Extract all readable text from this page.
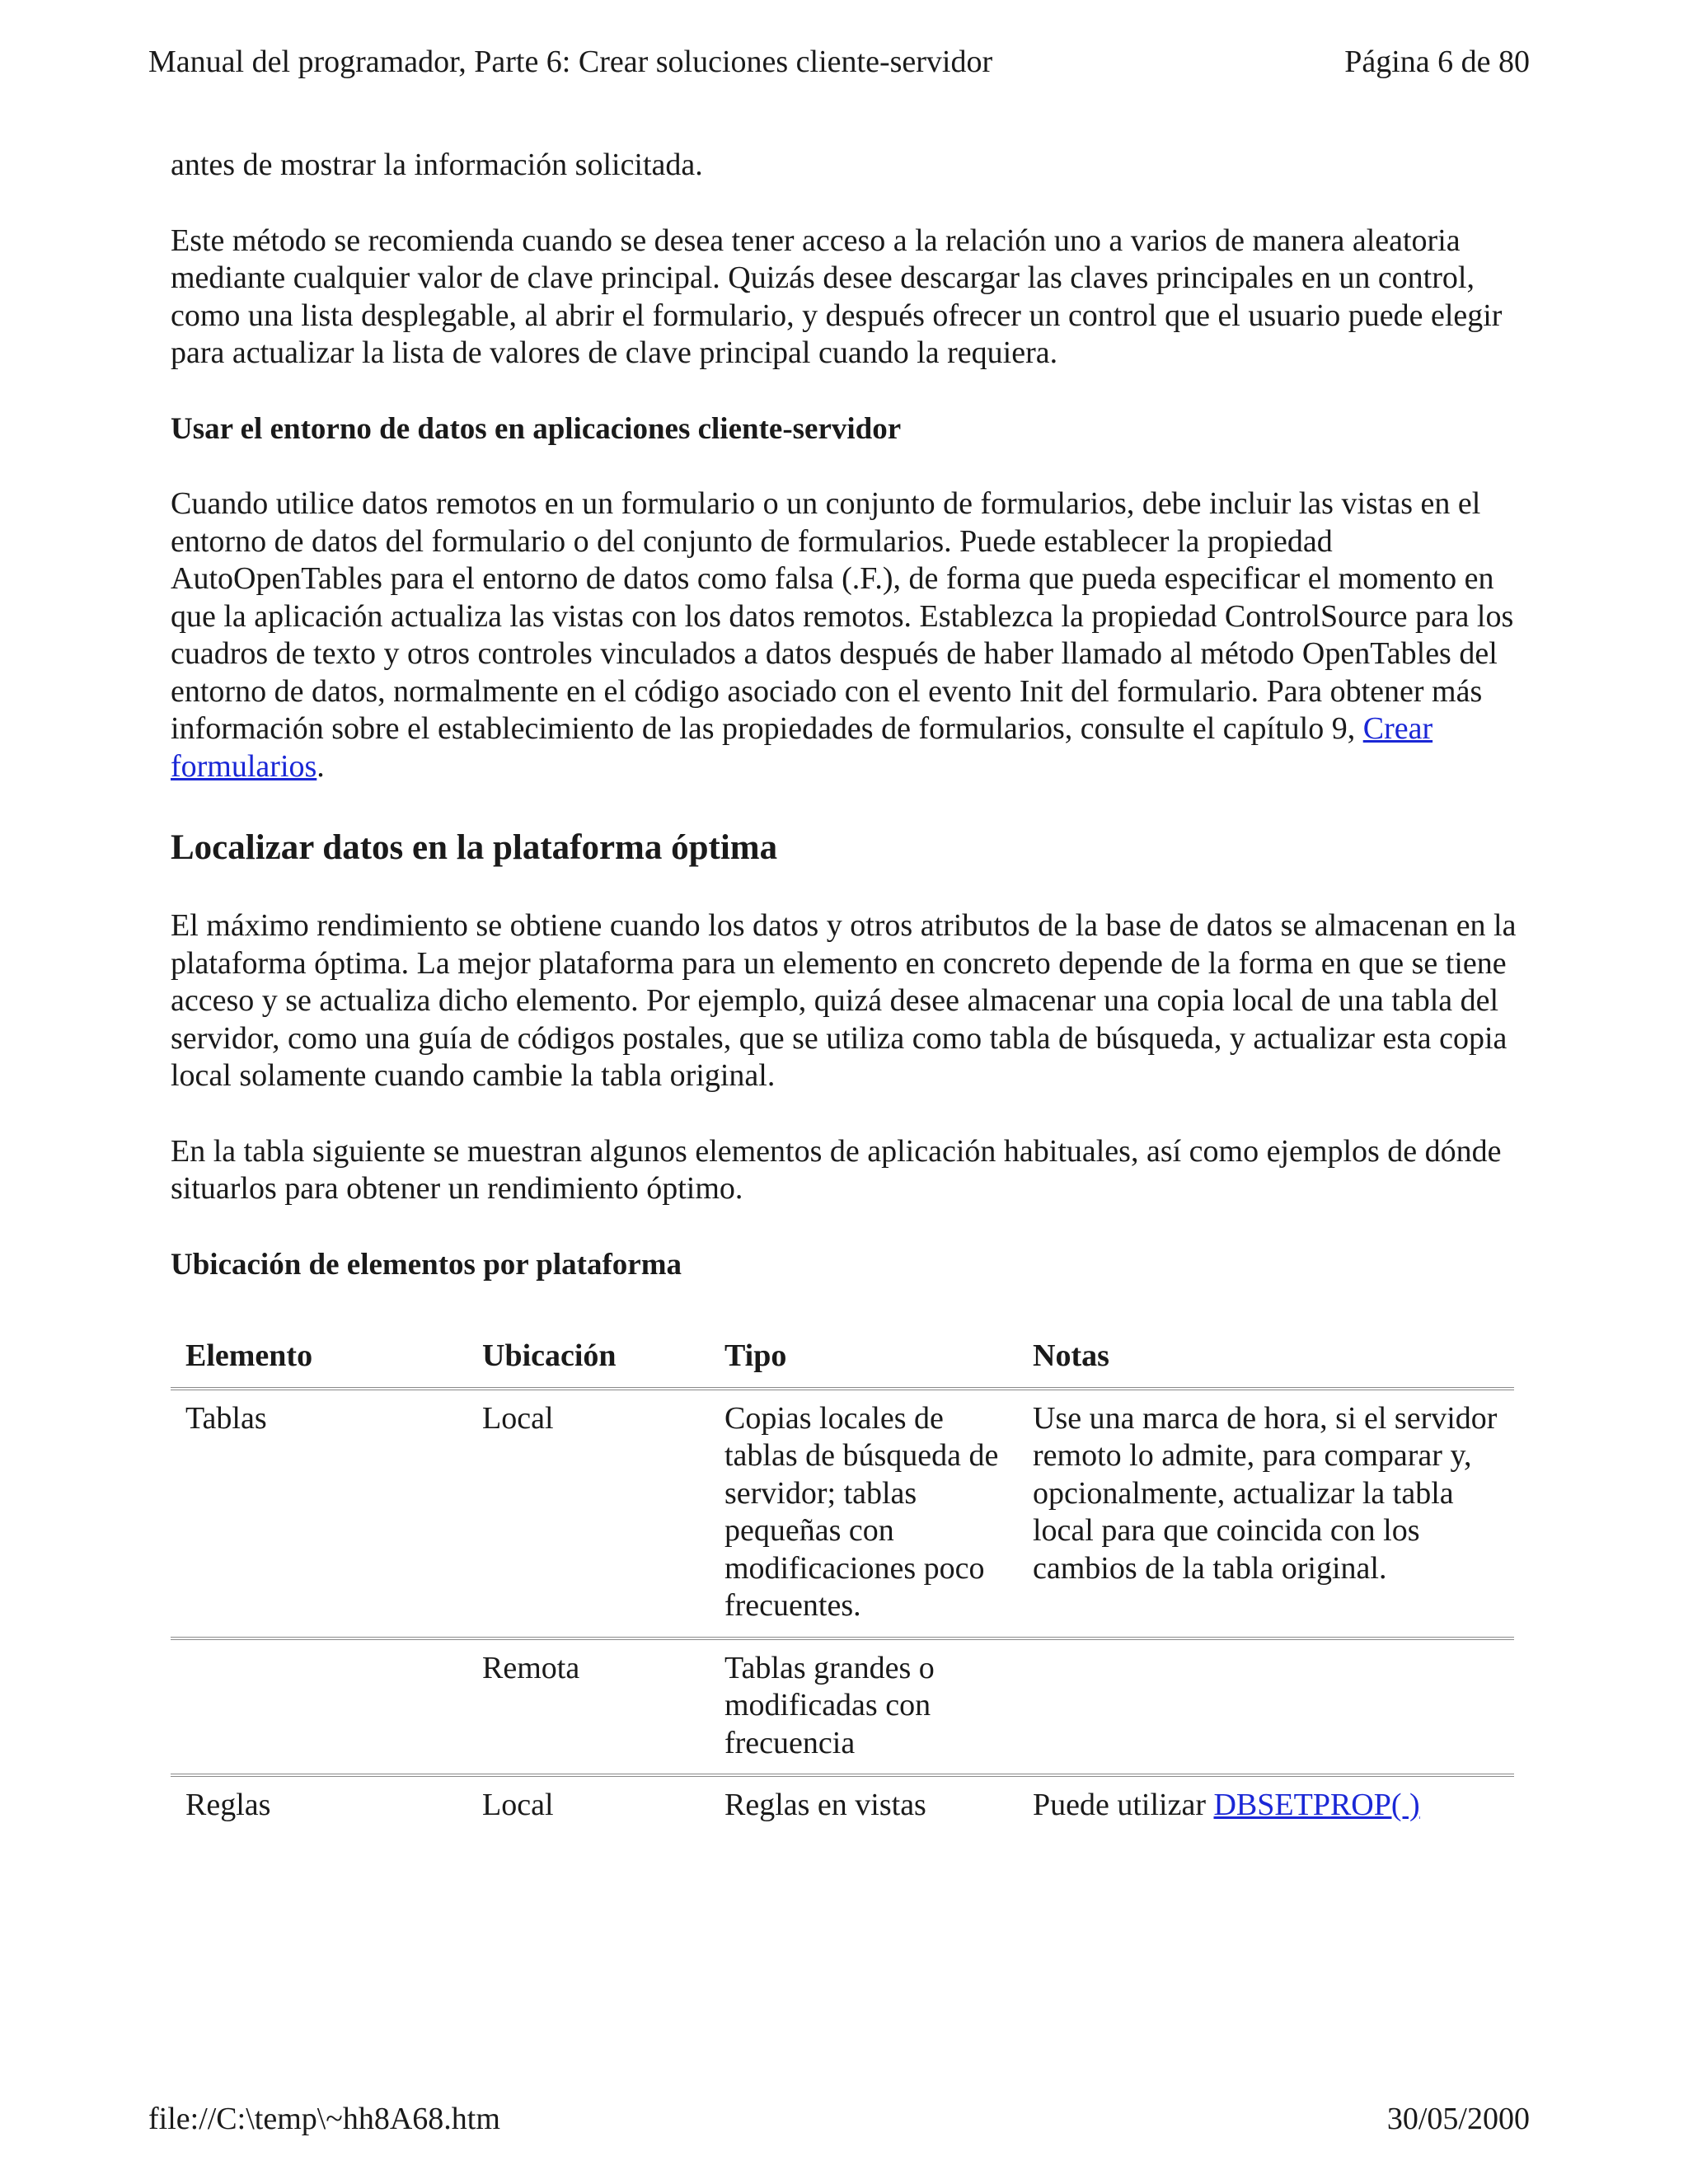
Manual del programador, Parte 6: Crear soluciones cliente-servidor	Página 6 de 80

antes de mostrar la información solicitada.

Este método se recomienda cuando se desea tener acceso a la relación uno a varios de manera aleatoria mediante cualquier valor de clave principal. Quizás desee descargar las claves principales en un control, como una lista desplegable, al abrir el formulario, y después ofrecer un control que el usuario puede elegir para actualizar la lista de valores de clave principal cuando la requiera.

Usar el entorno de datos en aplicaciones cliente-servidor

Cuando utilice datos remotos en un formulario o un conjunto de formularios, debe incluir las vistas en el entorno de datos del formulario o del conjunto de formularios. Puede establecer la propiedad AutoOpenTables para el entorno de datos como falsa (.F.), de forma que pueda especificar el momento en que la aplicación actualiza las vistas con los datos remotos. Establezca la propiedad ControlSource para los cuadros de texto y otros controles vinculados a datos después de haber llamado al método OpenTables del entorno de datos, normalmente en el código asociado con el evento Init del formulario. Para obtener más información sobre el establecimiento de las propiedades de formularios, consulte el capítulo 9, Crear formularios.

Localizar datos en la plataforma óptima

El máximo rendimiento se obtiene cuando los datos y otros atributos de la base de datos se almacenan en la plataforma óptima. La mejor plataforma para un elemento en concreto depende de la forma en que se tiene acceso y se actualiza dicho elemento. Por ejemplo, quizá desee almacenar una copia local de una tabla del servidor, como una guía de códigos postales, que se utiliza como tabla de búsqueda, y actualizar esta copia local solamente cuando cambie la tabla original.

En la tabla siguiente se muestran algunos elementos de aplicación habituales, así como ejemplos de dónde situarlos para obtener un rendimiento óptimo.

Ubicación de elementos por plataforma
Elemento	Ubicación	Tipo	Notas
Tablas	Local	Copias locales de tablas de búsqueda de servidor; tablas pequeñas con modificaciones poco frecuentes.	Use una marca de hora, si el servidor remoto lo admite, para comparar y, opcionalmente, actualizar la tabla local para que coincida con los cambios de la tabla original.
	Remota	Tablas grandes o modificadas con frecuencia	
Reglas	Local	Reglas en vistas	Puede utilizar DBSETPROP( )
file://C:\temp\~hh8A68.htm	30/05/2000
